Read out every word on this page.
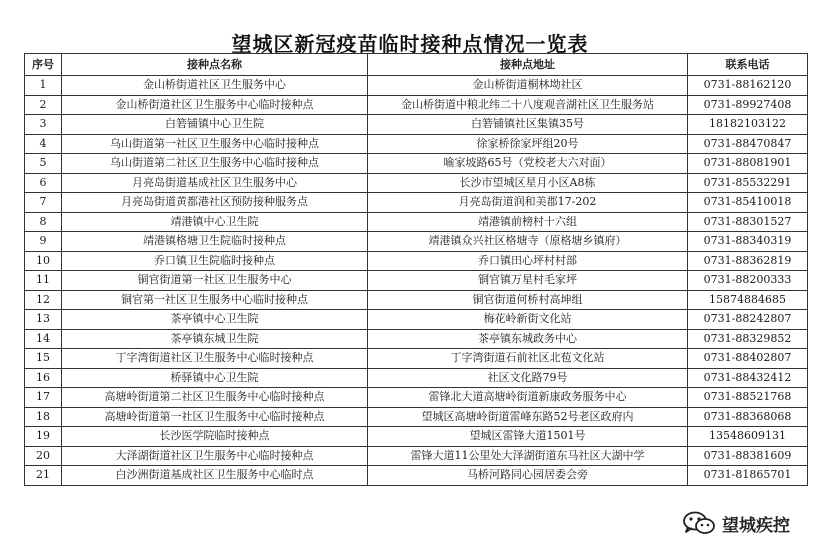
望城区新冠疫苗临时接种点情况一览表
序号	接种点名称	接种点地址	联系电话
1	金山桥街道社区卫生服务中心	金山桥街道桐林坳社区	0731-88162120
2	金山桥街道社区卫生服务中心临时接种点	金山桥街道中粮北纬二十八度观音湖社区卫生服务站	0731-89927408
3	白箬铺镇中心卫生院	白箬铺镇社区集镇35号	18182103122
4	乌山街道第一社区卫生服务中心临时接种点	徐家桥徐家坪组20号	0731-88470847
5	乌山街道第二社区卫生服务中心临时接种点	喻家坡路65号（党校老大六对面）	0731-88081901
6	月亮岛街道基成社区卫生服务中心	长沙市望城区星月小区A8栋	0731-85532291
7	月亮岛街道黄都港社区预防接种服务点	月亮岛街道润和美郡17-202	0731-85410018
8	靖港镇中心卫生院	靖港镇前榜村十六组	0731-88301527
9	靖港镇格塘卫生院临时接种点	靖港镇众兴社区格塘寺（原格塘乡镇府）	0731-88340319
10	乔口镇卫生院临时接种点	乔口镇田心坪村村部	0731-88362819
11	铜官街道第一社区卫生服务中心	铜官镇万星村毛家坪	0731-88200333
12	铜官第一社区卫生服务中心临时接种点	铜官街道何桥村高坤组	15874884685
13	茶亭镇中心卫生院	梅花岭新街文化站	0731-88242807
14	茶亭镇东城卫生院	茶亭镇东城政务中心	0731-88329852
15	丁字湾街道社区卫生服务中心临时接种点	丁字湾街道石前社区北苞文化站	0731-88402807
16	桥驿镇中心卫生院	社区文化路79号	0731-88432412
17	高塘岭街道第二社区卫生服务中心临时接种点	雷锋北大道高塘岭街道新康政务服务中心	0731-88521768
18	高塘岭街道第一社区卫生服务中心临时接种点	望城区高塘岭街道雷峰东路52号老区政府内	0731-88368068
19	长沙医学院临时接种点	望城区雷锋大道1501号	13548609131
20	大泽湖街道社区卫生服务中心临时接种点	雷锋大道11公里处大泽湖街道东马社区大湖中学	0731-88381609
21	白沙洲街道基成社区卫生服务中心临时点	马桥河路同心园居委会旁	0731-81865701
望城疾控
